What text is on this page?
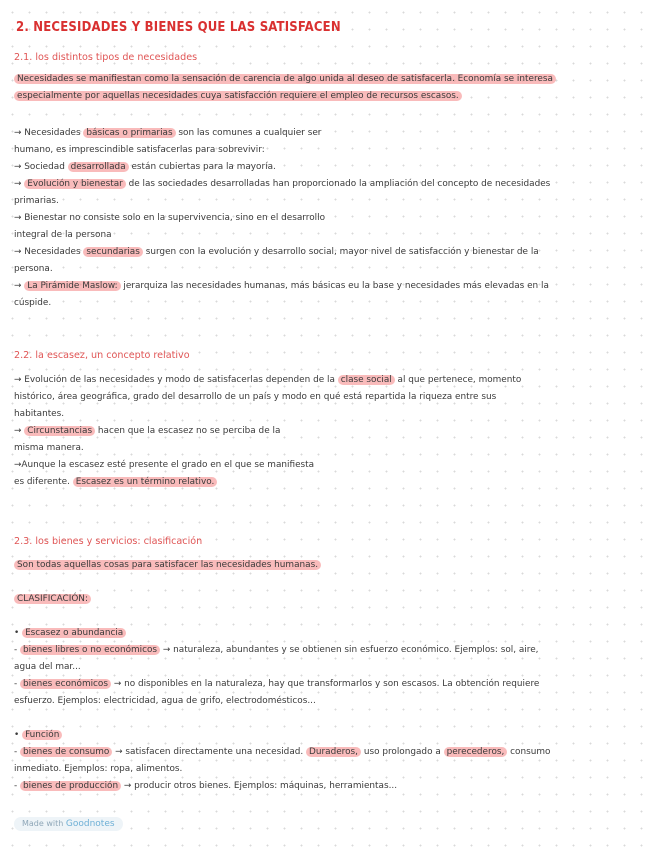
2. NECESIDADES Y BIENES QUE LAS SATISFACEN
2.1. los distintos tipos de necesidades
Necesidades se manifiestan como la sensación de carencia de algo unida al deseo de satisfacerla. Economía se interesa
especialmente por aquellas necesidades cuya satisfacción requiere el empleo de recursos escasos.
→ Necesidades básicas o primarias son las comunes a cualquier ser
humano, es imprescindible satisfacerlas para sobrevivir:
→ Sociedad desarrollada están cubiertas para la mayoría.
→ Evolución y bienestar de las sociedades desarrolladas han proporcionado la ampliación del concepto de necesidades
primarias.
→ Bienestar no consiste solo en la supervivencia, sino en el desarrollo
integral de la persona
→ Necesidades secundarias surgen con la evolución y desarrollo social, mayor nivel de satisfacción y bienestar de la
persona.
→ La Pirámide Maslow: jerarquiza las necesidades humanas, más básicas eu la base y necesidades más elevadas en la
cúspide.
2.2. la escasez, un concepto relativo
→ Evolución de las necesidades y modo de satisfacerlas dependen de la clase social al que pertenece, momento
histórico, área geográfica, grado del desarrollo de un país y modo en qué está repartida la riqueza entre sus
habitantes.
→ Circunstancias hacen que la escasez no se perciba de la
misma manera.
→Aunque la escasez esté presente el grado en el que se manifiesta
es diferente. Escasez es un término relativo.
2.3. los bienes y servicios: clasificación
Son todas aquellas cosas para satisfacer las necesidades humanas.
CLASIFICACIÓN:
• Escasez o abundancia
- bienes libres o no económicos → naturaleza, abundantes y se obtienen sin esfuerzo económico. Ejemplos: sol, aire,
agua del mar...
- bienes económicos → no disponibles en la naturaleza, hay que transformarlos y son escasos. La obtención requiere
esfuerzo. Ejemplos: electricidad, agua de grifo, electrodomésticos...
• Función
- bienes de consumo → satisfacen directamente una necesidad. Duraderos, uso prolongado a perecederos, consumo
inmediato. Ejemplos: ropa, alimentos.
- bienes de producción → producir otros bienes. Ejemplos: máquinas, herramientas...
Made with Goodnotes
